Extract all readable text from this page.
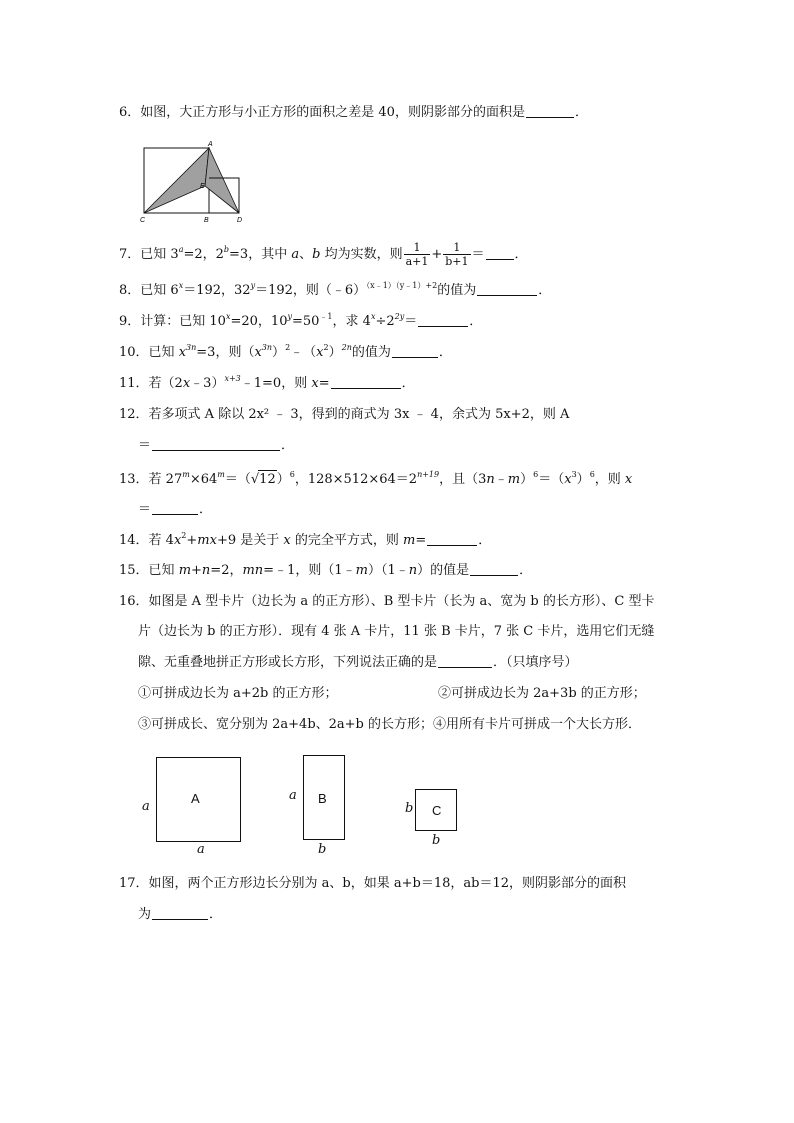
6．如图，大正方形与小正方形的面积之差是 40，则阴影部分的面积是	．
A
E
C	B	D
7．已知 $3^a=2$，$2^b=3$，其中 a、b 均为实数，则 $\frac{1}{a+1} + \frac{1}{b+1}$ ＝ ．
8．已知 $6^x=192$，$32^y=192$，则（﹣6）$^{(x﹣1)(y﹣1)+2}$的值为	．
9．计算：已知 $10^x=20$，$10^y=50^{﹣1}$，求 $4^x\div 2^{2y}=$	．
10．已知 $x^{3n}=3$，则$(x^{3n})^2﹣(x^2)^{2n}$的值为	．
11．若（2x﹣3）$^{x+3}$﹣1=0，则 x=	．
12．若多项式 A 除以 2x² ﹣ 3，得到的商式为 3x ﹣ 4，余式为 5x+2，则 A
＝	．
13．若 $27^m\times 64^m=(√12)^6$，$128\times 512\times 64=2^{n+19}$，且$(3n﹣m)^6=(x^3)^6$，则 x
＝	．
14．若 $4x^2+mx+9$ 是关于 x 的完全平方式，则 m=	．
15．已知 m+n=2，mn=﹣1，则（1﹣m）（1﹣n）的值是	．
16．如图是 A 型卡片（边长为 a 的正方形）、B 型卡片（长为 a、宽为 b 的长方形）、C 型卡
片（边长为 b 的正方形）．现有 4 张 A 卡片，11 张 B 卡片，7 张 C 卡片，选用它们无缝
隙、无重叠地拼正方形或长方形，下列说法正确的是	．（只填序号）
①可拼成边长为 a+2b 的正方形；	②可拼成边长为 2a+3b 的正方形；
③可拼成长、宽分别为 2a+4b、2a+b 的长方形；④用所有卡片可拼成一个大长方形．
A
a
a
B
a
b
C
b
b
17．如图，两个正方形边长分别为 a、b，如果 a+b＝18，ab＝12，则阴影部分的面积
为	．
